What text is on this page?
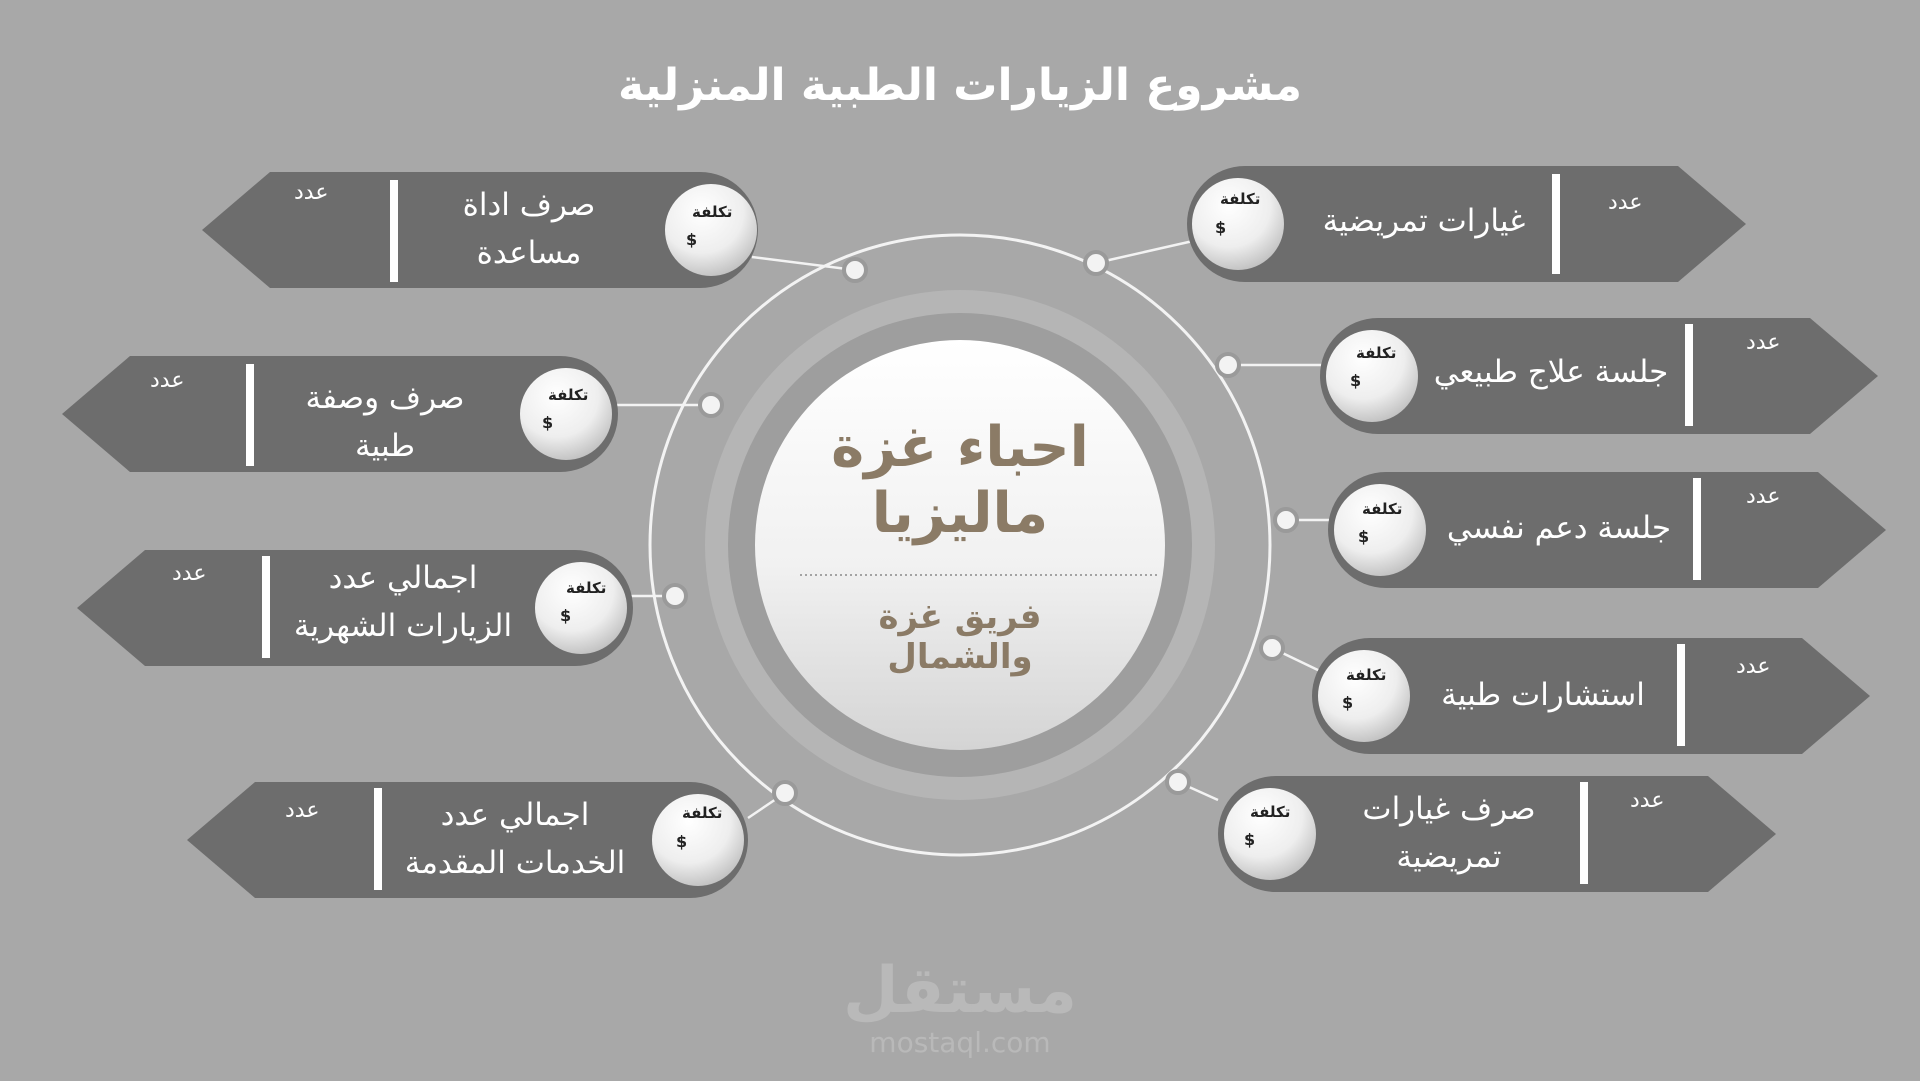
مشروع الزيارات الطبية المنزلية
احباء غزة
ماليزيا
فريق غزة
والشمال
غيارات تمريضية
عدد
تكلفة
$
جلسة علاج طبيعي
عدد
تكلفة
$
جلسة دعم نفسي
عدد
تكلفة
$
استشارات طبية
عدد
تكلفة
$
صرف غيارات
تمريضية
عدد
تكلفة
$
صرف اداة
مساعدة
عدد
تكلفة
$
صرف وصفة
طبية
عدد
تكلفة
$
اجمالي عدد
الزيارات الشهرية
عدد
تكلفة
$
اجمالي عدد
الخدمات المقدمة
عدد	تكلفة
$
مستقل
mostaql.com
